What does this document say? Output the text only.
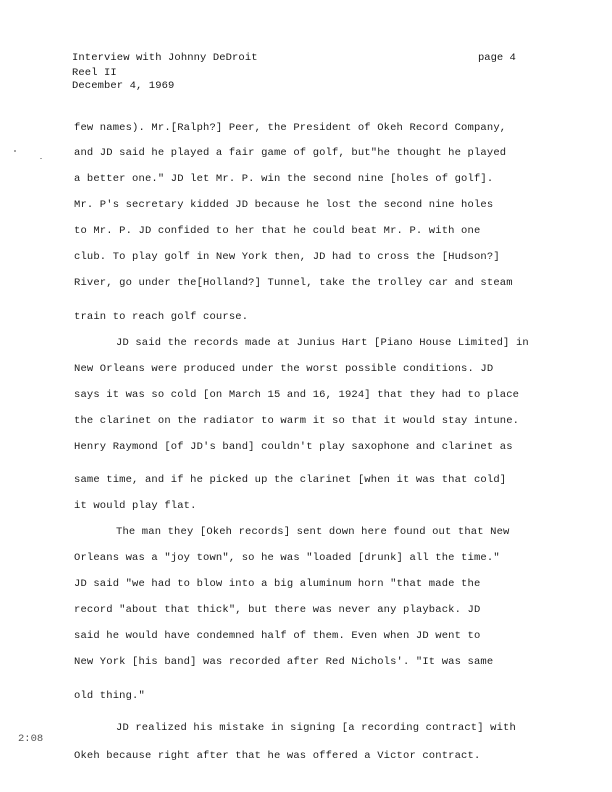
Interview with Johnny DeDroit
Reel II
December 4, 1969
page 4
few names). Mr.[Ralph?] Peer, the President of Okeh Record Company,
and JD said he played a fair game of golf, but"he thought he played
a better one." JD let Mr. P. win the second nine [holes of golf].
Mr. P's secretary kidded JD because he lost the second nine holes
to Mr. P. JD confided to her that he could beat Mr. P. with one
club. To play golf in New York then, JD had to cross the [Hudson?]
River, go under the[Holland?] Tunnel, take the trolley car and steam
train to reach golf course.
JD said the records made at Junius Hart [Piano House Limited] in
New Orleans were produced under the worst possible conditions. JD
says it was so cold [on March 15 and 16, 1924] that they had to place
the clarinet on the radiator to warm it so that it would stay intune.
Henry Raymond [of JD's band] couldn't play saxophone and clarinet as
same time, and if he picked up the clarinet [when it was that cold]
it would play flat.
The man they [Okeh records] sent down here found out that New
Orleans was a "joy town", so he was "loaded [drunk] all the time."
JD said "we had to blow into a big aluminum horn "that made the
record "about that thick", but there was never any playback. JD
said he would have condemned half of them. Even when JD went to
New York [his band] was recorded after Red Nichols'. "It was same
old thing."
JD realized his mistake in signing [a recording contract] with
Okeh because right after that he was offered a Victor contract.
2:08
